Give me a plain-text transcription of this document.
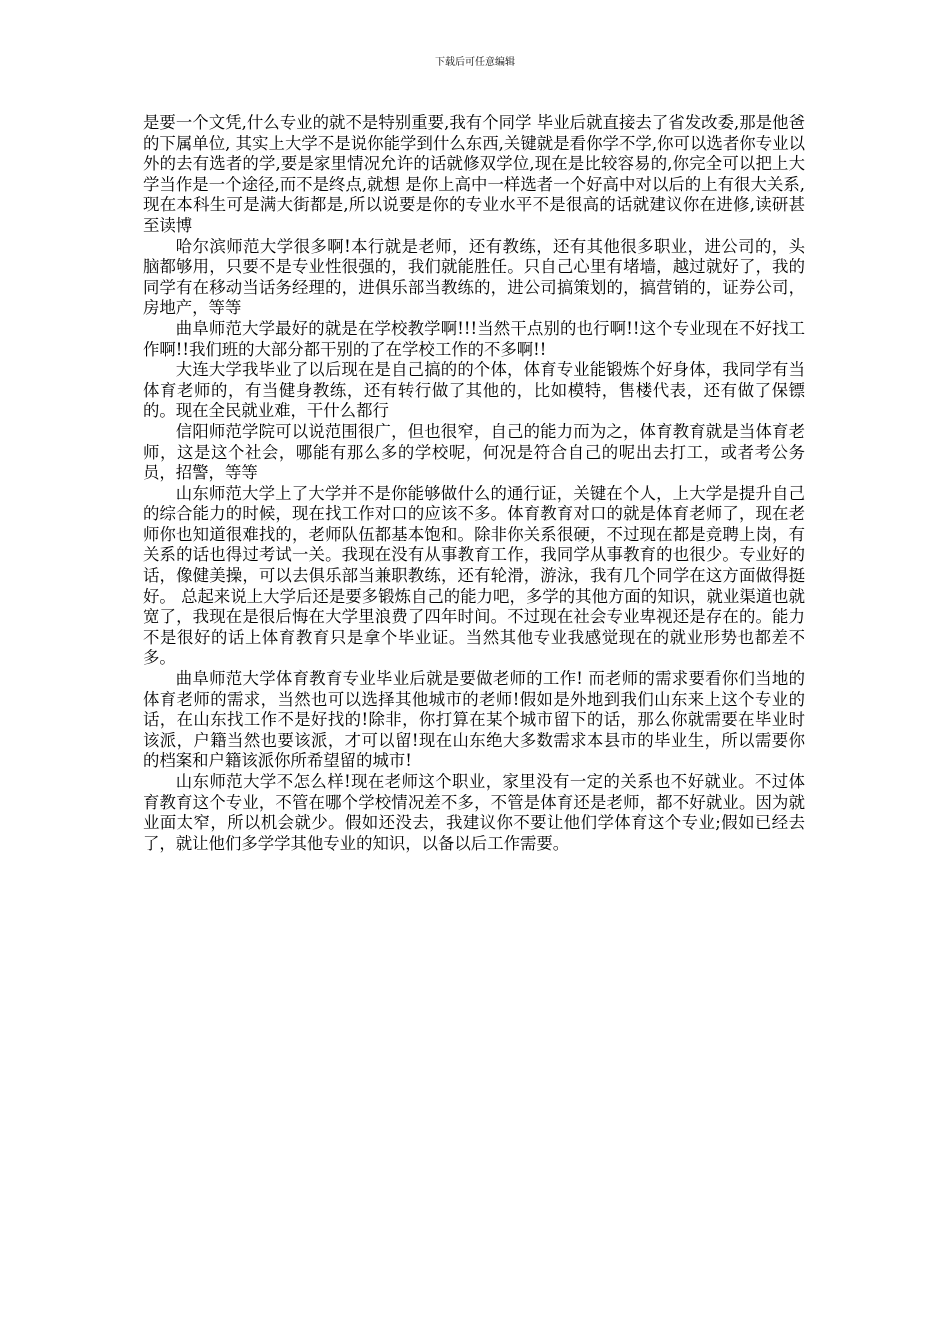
下载后可任意编辑

是要一个文凭,什么专业的就不是特别重要,我有个同学 毕业后就直接去了省发改委,那是他爸的下属单位, 其实上大学不是说你能学到什么东西,关键就是看你学不学,你可以选者你专业以外的去有选者的学,要是家里情况允许的话就修双学位,现在是比较容易的,你完全可以把上大学当作是一个途径,而不是终点,就想 是你上高中一样选者一个好高中对以后的上有很大关系,现在本科生可是满大街都是,所以说要是你的专业水平不是很高的话就建议你在进修,读研甚至读博

哈尔滨师范大学很多啊!本行就是老师，还有教练，还有其他很多职业，进公司的，头脑都够用，只要不是专业性很强的，我们就能胜任。只自己心里有堵墙，越过就好了，我的同学有在移动当话务经理的，进俱乐部当教练的，进公司搞策划的，搞营销的，证券公司，房地产，等等

曲阜师范大学最好的就是在学校教学啊!!!当然干点别的也行啊!!这个专业现在不好找工作啊!!我们班的大部分都干别的了在学校工作的不多啊!!

大连大学我毕业了以后现在是自己搞的的个体，体育专业能锻炼个好身体，我同学有当体育老师的，有当健身教练，还有转行做了其他的，比如模特，售楼代表，还有做了保镖的。现在全民就业难，干什么都行

信阳师范学院可以说范围很广，但也很窄，自己的能力而为之，体育教育就是当体育老师，这是这个社会，哪能有那么多的学校呢，何况是符合自己的呢出去打工，或者考公务员，招警，等等

山东师范大学上了大学并不是你能够做什么的通行证，关键在个人，上大学是提升自己的综合能力的时候，现在找工作对口的应该不多。体育教育对口的就是体育老师了，现在老师你也知道很难找的，老师队伍都基本饱和。除非你关系很硬，不过现在都是竞聘上岗，有关系的话也得过考试一关。我现在没有从事教育工作，我同学从事教育的也很少。专业好的话，像健美操，可以去俱乐部当兼职教练，还有轮滑，游泳，我有几个同学在这方面做得挺好。 总起来说上大学后还是要多锻炼自己的能力吧，多学的其他方面的知识，就业渠道也就宽了，我现在是很后悔在大学里浪费了四年时间。不过现在社会专业卑视还是存在的。能力不是很好的话上体育教育只是拿个毕业证。当然其他专业我感觉现在的就业形势也都差不多。

曲阜师范大学体育教育专业毕业后就是要做老师的工作! 而老师的需求要看你们当地的体育老师的需求，当然也可以选择其他城市的老师!假如是外地到我们山东来上这个专业的话，在山东找工作不是好找的!除非，你打算在某个城市留下的话，那么你就需要在毕业时该派，户籍当然也要该派，才可以留!现在山东绝大多数需求本县市的毕业生，所以需要你的档案和户籍该派你所希望留的城市!

山东师范大学不怎么样!现在老师这个职业，家里没有一定的关系也不好就业。不过体育教育这个专业，不管在哪个学校情况差不多，不管是体育还是老师，都不好就业。因为就业面太窄，所以机会就少。假如还没去，我建议你不要让他们学体育这个专业;假如已经去了，就让他们多学学其他专业的知识，以备以后工作需要。
